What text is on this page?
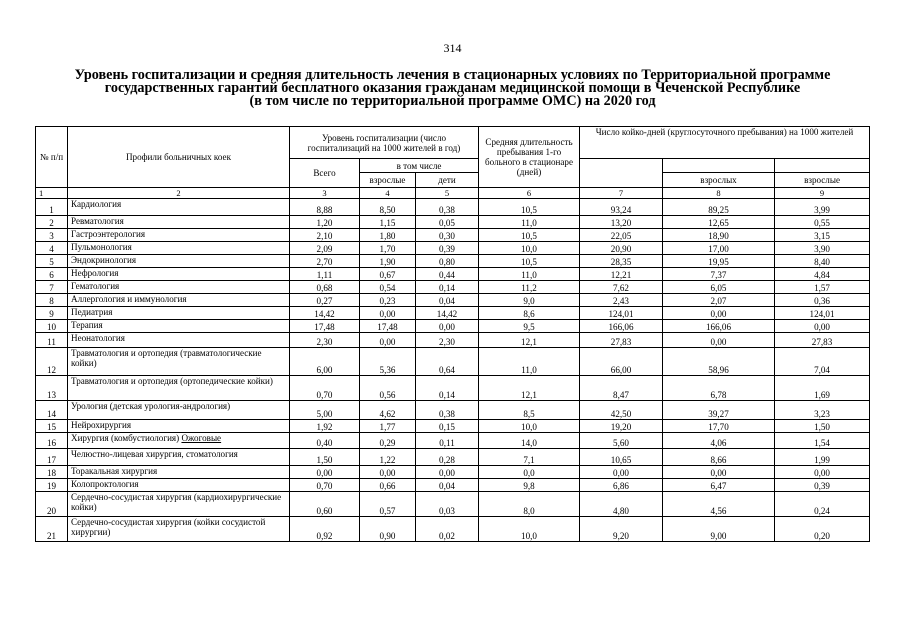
314
Уровень госпитализации и средняя длительность лечения в стационарных условиях по Территориальной программе
государственных гарантий бесплатного оказания гражданам медицинской помощи в Чеченской Республике
(в том числе по территориальной программе ОМС) на 2020 год
№ п/п	Профили больничных коек	Уровень госпитализации (число госпитализаций на 1000 жителей в год)			Средняя длительность пребывания 1-го больного в стационаре (дней)	Число койко-дней (круглосуточного пребывания) на 1000 жителей		
		Всего	в том числе					
			взрослые	дети			взрослых	взрослые
1	2	3	4	5	6	7	8	9
1	Кардиология	8,88	8,50	0,38	10,5	93,24	89,25	3,99
2	Ревматология	1,20	1,15	0,05	11,0	13,20	12,65	0,55
3	Гастроэнтерология	2,10	1,80	0,30	10,5	22,05	18,90	3,15
4	Пульмонология	2,09	1,70	0,39	10,0	20,90	17,00	3,90
5	Эндокринология	2,70	1,90	0,80	10,5	28,35	19,95	8,40
6	Нефрология	1,11	0,67	0,44	11,0	12,21	7,37	4,84
7	Гематология	0,68	0,54	0,14	11,2	7,62	6,05	1,57
8	Аллергология и иммунология	0,27	0,23	0,04	9,0	2,43	2,07	0,36
9	Педиатрия	14,42	0,00	14,42	8,6	124,01	0,00	124,01
10	Терапия	17,48	17,48	0,00	9,5	166,06	166,06	0,00
11	Неонатология	2,30	0,00	2,30	12,1	27,83	0,00	27,83
12	Травматология и ортопедия (травматологические койки)	6,00	5,36	0,64	11,0	66,00	58,96	7,04
13	Травматология и ортопедия (ортопедические койки)	0,70	0,56	0,14	12,1	8,47	6,78	1,69
14	Урология (детская урология-андрология)	5,00	4,62	0,38	8,5	42,50	39,27	3,23
15	Нейрохирургия	1,92	1,77	0,15	10,0	19,20	17,70	1,50
16	Хирургия (комбустиология) Ожоговые	0,40	0,29	0,11	14,0	5,60	4,06	1,54
17	Челюстно-лицевая хирургия, стоматология	1,50	1,22	0,28	7,1	10,65	8,66	1,99
18	Торакальная хирургия	0,00	0,00	0,00	0,0	0,00	0,00	0,00
19	Колопроктология	0,70	0,66	0,04	9,8	6,86	6,47	0,39
20	Сердечно-сосудистая хирургия (кардиохирургические койки)	0,60	0,57	0,03	8,0	4,80	4,56	0,24
21	Сердечно-сосудистая хирургия (койки сосудистой хирургии)	0,92	0,90	0,02	10,0	9,20	9,00	0,20
